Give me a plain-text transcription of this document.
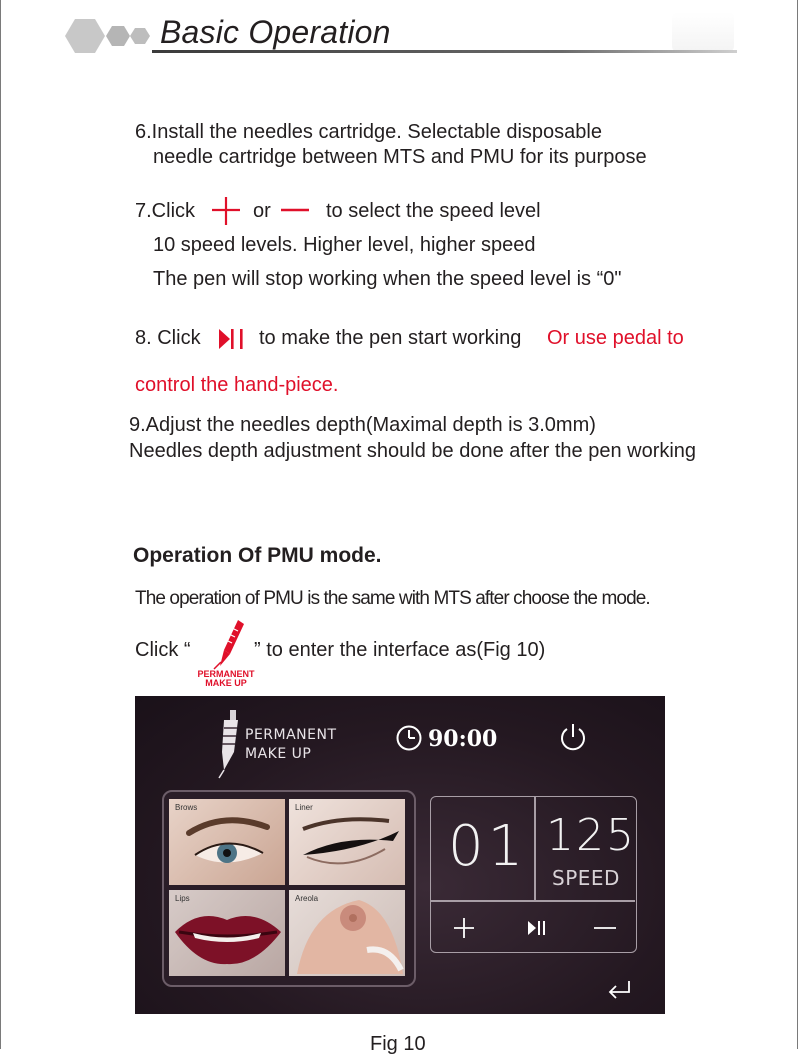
Basic Operation
6.Install the needles cartridge. Selectable disposable
needle cartridge between MTS and PMU for its purpose
7.Click	or	to select the speed level
10 speed levels. Higher level, higher speed
The pen will stop working when the speed level is “0"
8. Click	to make the pen start working Or use pedal to
control the hand-piece.
9.Adjust the needles depth(Maximal depth is 3.0mm)
Needles depth adjustment should be done after the pen working
Operation Of PMU mode.
The operation of PMU is the same with MTS after choose the mode.
Click “	” to enter the interface as(Fig 10)
PERMANENT
MAKE UP
PERMANENT
MAKE UP
90:00
Brows	Liner
Lips	Areola
01 125
SPEED
Fig 10
